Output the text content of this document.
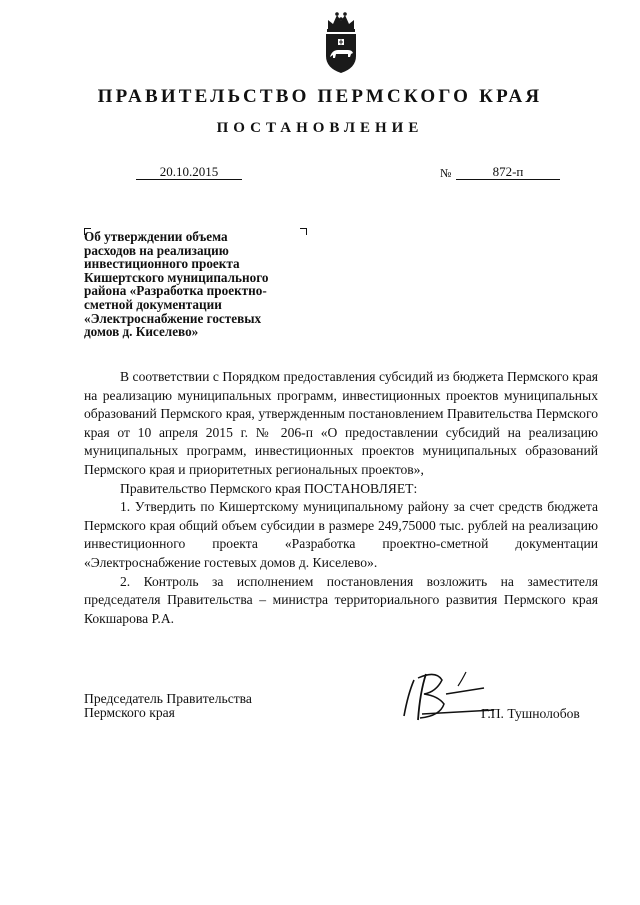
ПРАВИТЕЛЬСТВО ПЕРМСКОГО КРАЯ
ПОСТАНОВЛЕНИЕ
20.10.2015	№	872-п
Об утверждении объема
расходов на реализацию
инвестиционного проекта
Кишертского муниципального
района «Разработка проектно-
сметной документации
«Электроснабжение гостевых
домов д. Киселево»

В соответствии с Порядком предоставления субсидий из бюджета Пермского края на реализацию муниципальных программ, инвестиционных проектов муниципальных образований Пермского края, утвержденным постановлением Правительства Пермского края от 10 апреля 2015 г. № 206-п «О предоставлении субсидий на реализацию муниципальных программ, инвестиционных проектов муниципальных образований Пермского края и приоритетных региональных проектов»,

Правительство Пермского края ПОСТАНОВЛЯЕТ:

1. Утвердить по Кишертскому муниципальному району за счет средств бюджета Пермского края общий объем субсидии в размере 249,75000 тыс. рублей на реализацию инвестиционного проекта «Разработка проектно-сметной документации «Электроснабжение гостевых домов д. Киселево».

2. Контроль за исполнением постановления возложить на заместителя председателя Правительства – министра территориального развития Пермского края Кокшарова Р.А.

Председатель Правительства
Пермского края	Г.П. Тушнолобов
